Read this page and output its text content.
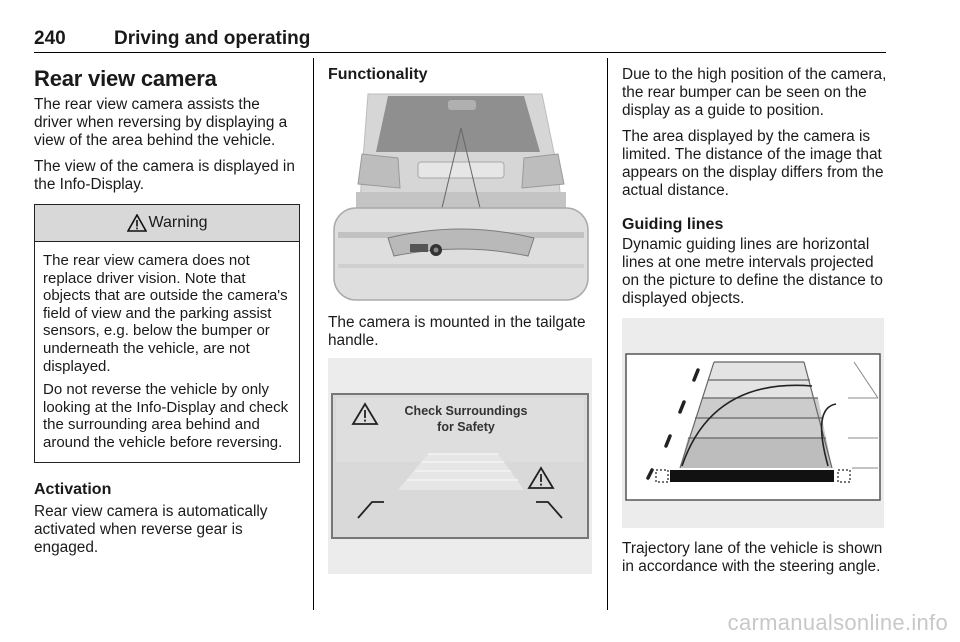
240	Driving and operating
Rear view camera

The rear view camera assists the driver when reversing by displaying a view of the area behind the vehicle.

The view of the camera is displayed in the Info-Display.

Warning

The rear view camera does not replace driver vision. Note that objects that are outside the camera's field of view and the parking assist sensors, e.g. below the bumper or underneath the vehicle, are not displayed.

Do not reverse the vehicle by only looking at the Info-Display and check the surrounding area behind and around the vehicle before reversing.

Activation

Rear view camera is automatically activated when reverse gear is engaged.

Functionality

The camera is mounted in the tailgate handle.

Check Surroundings
for Safety

Due to the high position of the camera, the rear bumper can be seen on the display as a guide to position.

The area displayed by the camera is limited. The distance of the image that appears on the display differs from the actual distance.

Guiding lines

Dynamic guiding lines are horizontal lines at one metre intervals projected on the picture to define the distance to displayed objects.

Trajectory lane of the vehicle is shown in accordance with the steering angle.

carmanualsonline.info
